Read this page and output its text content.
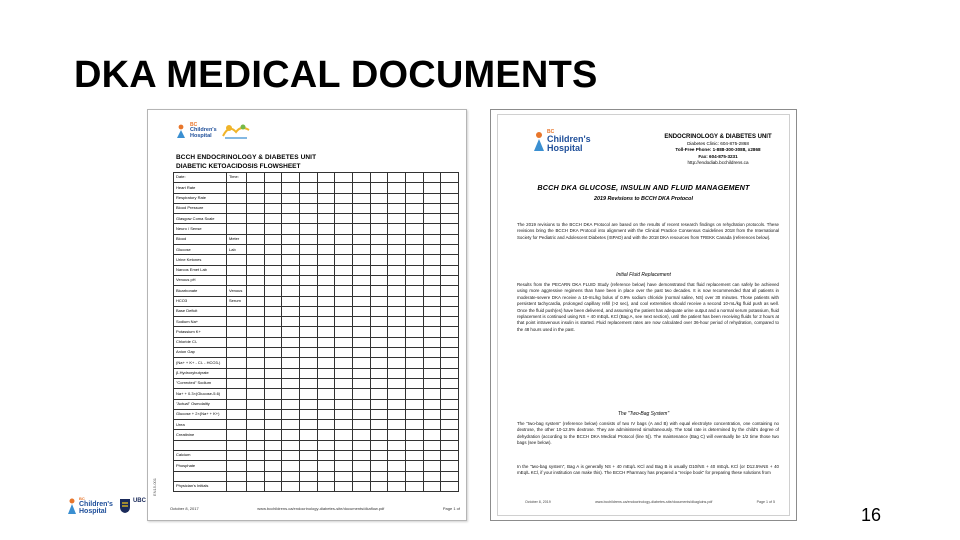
DKA MEDICAL DOCUMENTS
BC
Children's
Hospital
BCCH ENDOCRINOLOGY & DIABETES UNIT
DIABETIC KETOACIDOSIS FLOWSHEET
Date:	Time:												
Heart Rate													
Respiratory Rate													
Blood Pressure													
Glasgow Coma Scale													
Neuro / Sense													
Blood	Meter												
Glucose	Lab												
Urine Ketones													
Narcos Emet Lab													
Venous pH													
Bicarbonate	Venous												
HCO3	Serum												
Base Deficit													
Sodium Na+													
Potassium K+													
Chloride Cl-													
Anion Gap													
(Na+ + K+ - Cl- - HCO3-)													
β-Hydroxybutyrate													
"Corrected" Sodium													
Na+ + 0.3×(Glucose-5.6)													
"Actual" Osmolality													
Glucose + 2×(Na+ + K+)													
Urea													
Creatinine													

Calcium													
Phosphate													

Physician's Initials													
EN15-001
October 8, 2017	www.bcchildrens.ca/endocrinology-diabetes-site/documents/dkaflow.pdf	Page 1 of
BC
Children's
Hospital
ENDOCRINOLOGY & DIABETES UNIT
Diabetes Clinic: 604-875-2868
Toll-Free Phone: 1-888-300-3088, x2868
Fax: 604-875-3231
http://endodiab.bcchildrens.ca
BCCH DKA GLUCOSE, INSULIN AND FLUID MANAGEMENT
2019 Revisions to BCCH DKA Protocol
The 2019 revisions to the BCCH DKA Protocol are based on the results of recent research findings on rehydration protocols. These revisions bring the BCCH DKA Protocol into alignment with the Clinical Practice Consensus Guidelines 2018 from the International Society for Pediatric and Adolescent Diabetes (ISPAD) and with the 2018 DKA resources from TREKK Canada (references below).
Initial Fluid Replacement
Results from the PECARN DKA FLUID Study (reference below) have demonstrated that fluid replacement can safely be achieved using more aggressive regimens than have been in place over the past two decades. It is now recommended that all patients in moderate-severe DKA receive a 10-mL/kg bolus of 0.9% sodium chloride (normal saline, NS) over 30 minutes. Those patients with persistent tachycardia, prolonged capillary refill (>2 sec), and cool extremities should receive a second 10-mL/kg fluid push as well. Once the fluid push(es) have been delivered, and assuming the patient has adequate urine output and a normal serum potassium, fluid replacement is continued using NS + 40 mEq/L KCl (Bag A, see next section), until the patient has been receiving fluids for 2 hours at that point intravenous insulin is started. Fluid replacement rates are now calculated over 36-hour period of rehydration, compared to the 48 hours used in the past.
The "Two-Bag System"
The "two-bag system" (reference below) consists of two IV bags (A and B) with equal electrolyte concentration, one containing no dextrose, the other 10-12.5% dextrose. They are administered simultaneously. The total rate is determined by the child's degree of dehydration (according to the BCCH DKA Medical Protocol (line 5)). The maintenance (Bag C) will eventually be 1/2 time those two bags (see below).
In the "two-bag system", Bag A is generally NS + 40 mEq/L KCl and Bag B is usually D10/NS + 40 mEq/L KCl (or D12.5%NS + 40 mEq/L KCl, if your institution can make this). The BCCH Pharmacy has prepared a "recipe book" for preparing these solutions from
October 8, 2019	www.bcchildrens.ca/endocrinology-diabetes-site/documents/dkagluins.pdf	Page 1 of 5
BC
Children's
Hospital
UBC
16
